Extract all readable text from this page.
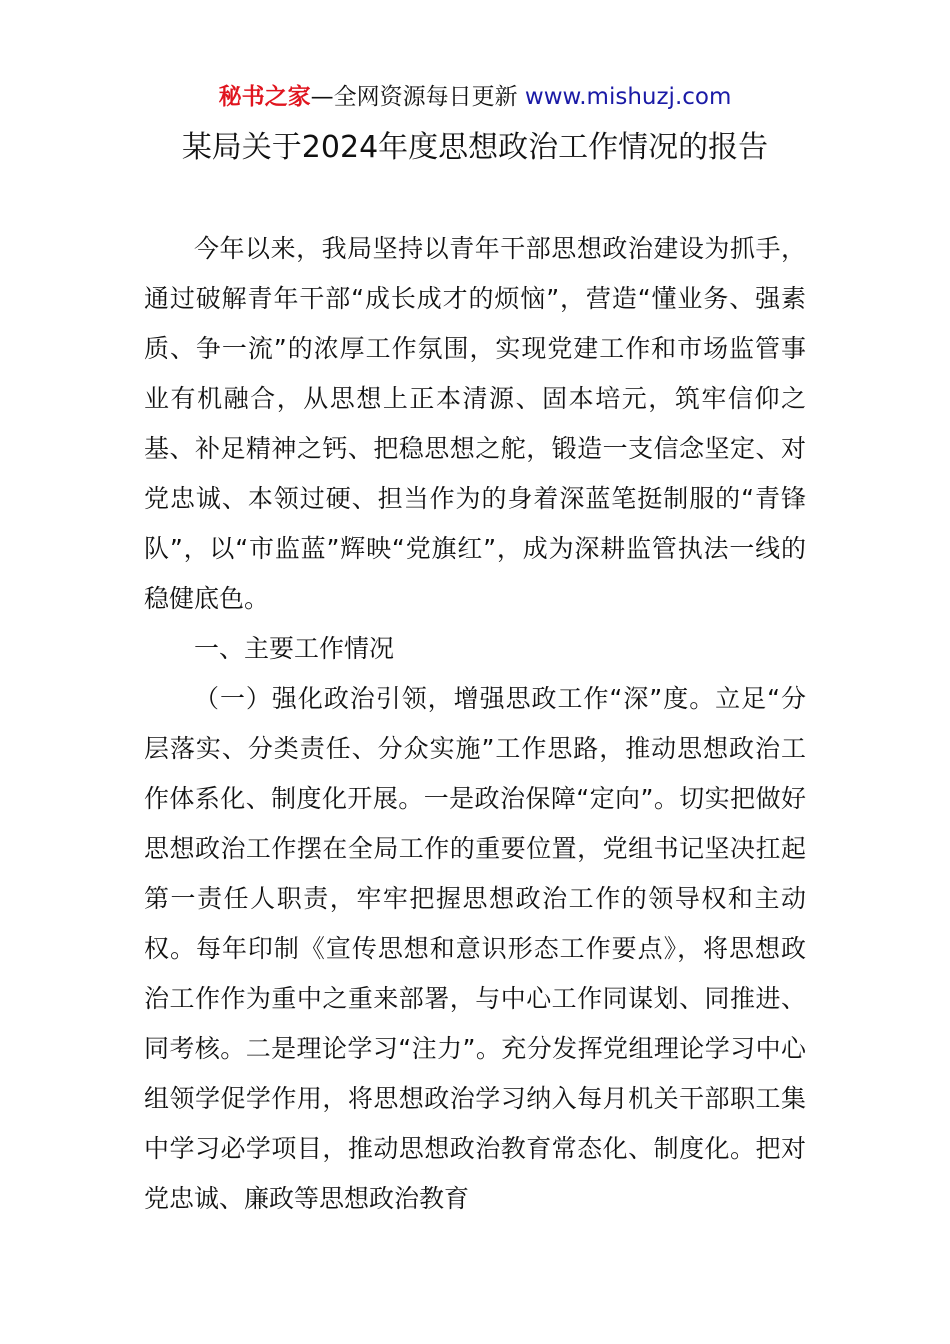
秘书之家—全网资源每日更新 www.mishuzj.com
某局关于2024年度思想政治工作情况的报告

今年以来，我局坚持以青年干部思想政治建设为抓手，通过破解青年干部“成长成才的烦恼”，营造“懂业务、强素质、争一流”的浓厚工作氛围，实现党建工作和市场监管事业有机融合，从思想上正本清源、固本培元，筑牢信仰之基、补足精神之钙、把稳思想之舵，锻造一支信念坚定、对党忠诚、本领过硬、担当作为的身着深蓝笔挺制服的“青锋队”，以“市监蓝”辉映“党旗红”，成为深耕监管执法一线的稳健底色。

一、主要工作情况

（一）强化政治引领，增强思政工作“深”度。立足“分层落实、分类责任、分众实施”工作思路，推动思想政治工作体系化、制度化开展。一是政治保障“定向”。切实把做好思想政治工作摆在全局工作的重要位置，党组书记坚决扛起第一责任人职责，牢牢把握思想政治工作的领导权和主动权。每年印制《宣传思想和意识形态工作要点》，将思想政治工作作为重中之重来部署，与中心工作同谋划、同推进、同考核。二是理论学习“注力”。充分发挥党组理论学习中心组领学促学作用，将思想政治学习纳入每月机关干部职工集中学习必学项目，推动思想政治教育常态化、制度化。把对党忠诚、廉政等思想政治教育
